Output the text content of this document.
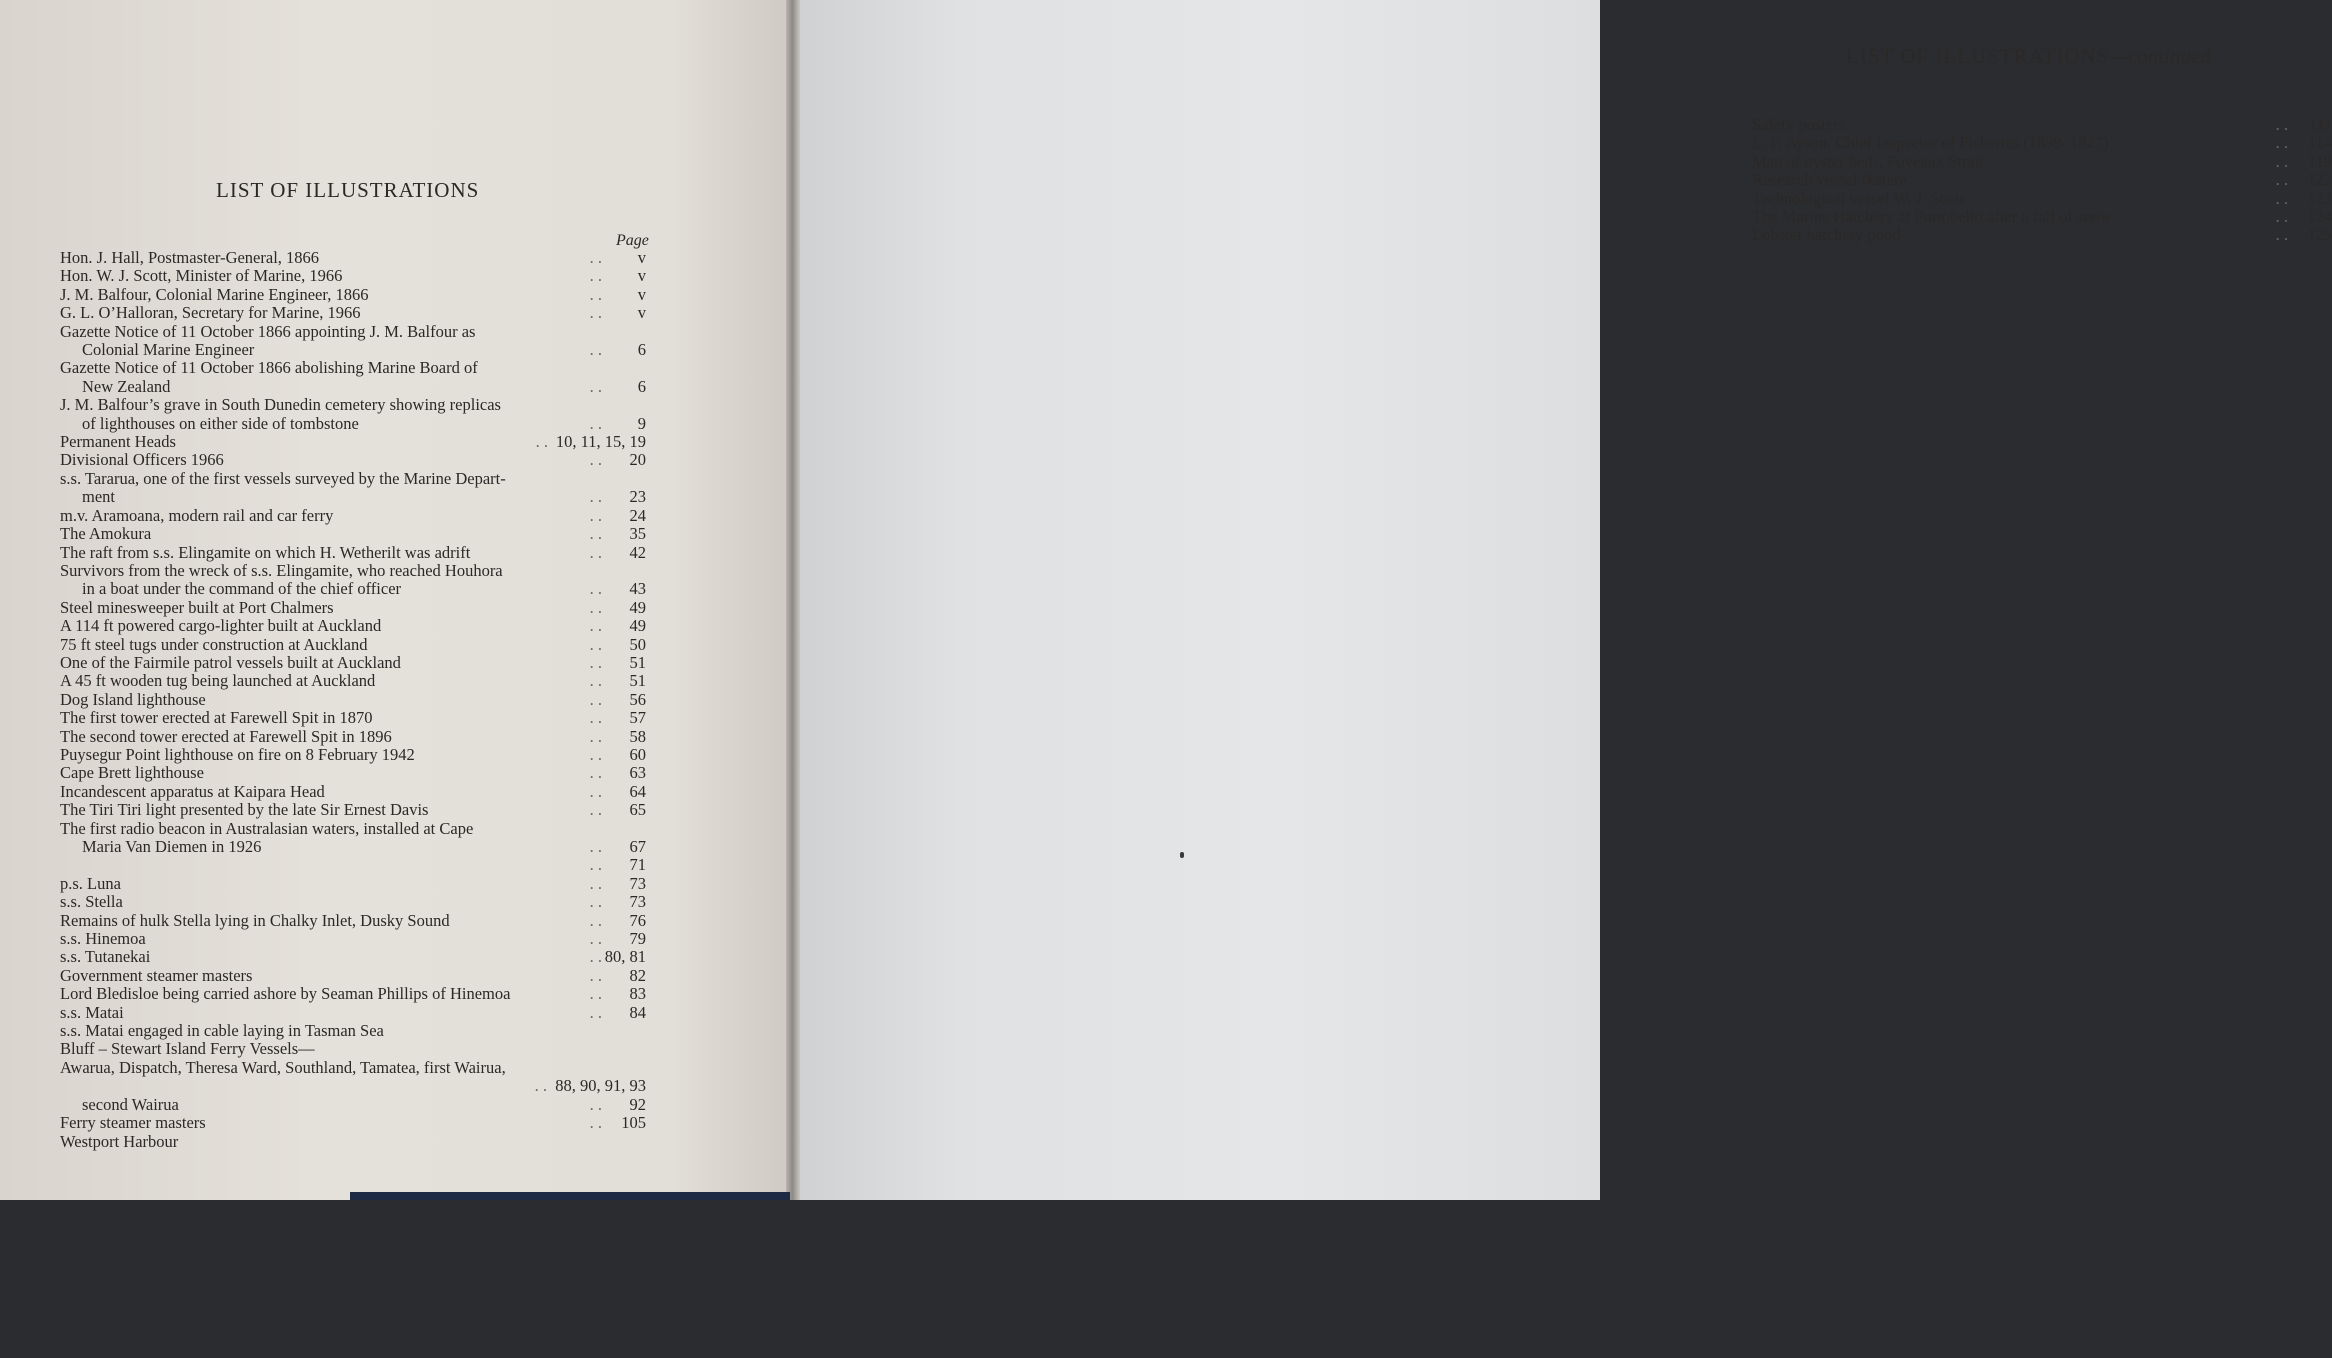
LIST OF ILLUSTRATIONS
Page
Hon. J. Hall, Postmaster-General, 1866	. . v
Hon. W. J. Scott, Minister of Marine, 1966	. . v
J. M. Balfour, Colonial Marine Engineer, 1866	. . v
G. L. O’Halloran, Secretary for Marine, 1966	. . v
Gazette Notice of 11 October 1866 appointing J. M. Balfour as
Colonial Marine Engineer	. . 6
Gazette Notice of 11 October 1866 abolishing Marine Board of
New Zealand	. . 6
J. M. Balfour’s grave in South Dunedin cemetery showing replicas
of lighthouses on either side of tombstone	. . 9
Permanent Heads	. . 10, 11, 15, 19
Divisional Officers 1966	. . 20
s.s. Tararua, one of the first vessels surveyed by the Marine Depart-
ment	. . 23
m.v. Aramoana, modern rail and car ferry	. . 24
The Amokura	. . 35
The raft from s.s. Elingamite on which H. Wetherilt was adrift	. . 42
Survivors from the wreck of s.s. Elingamite, who reached Houhora
in a boat under the command of the chief officer	. . 43
Steel minesweeper built at Port Chalmers	. . 49
A 114 ft powered cargo-lighter built at Auckland	. . 49
75 ft steel tugs under construction at Auckland	. . 50
One of the Fairmile patrol vessels built at Auckland	. . 51
A 45 ft wooden tug being launched at Auckland	. . 51
Dog Island lighthouse	. . 56
The first tower erected at Farewell Spit in 1870	. . 57
The second tower erected at Farewell Spit in 1896	. . 58
Puysegur Point lighthouse on fire on 8 February 1942	. . 60
Cape Brett lighthouse	. . 63
Incandescent apparatus at Kaipara Head	. . 64
The Tiri Tiri light presented by the late Sir Ernest Davis	. . 65
The first radio beacon in Australasian waters, installed at Cape
Maria Van Diemen in 1926	. . 67
. . 71
p.s. Luna	. . 73
s.s. Stella	. . 73
Remains of hulk Stella lying in Chalky Inlet, Dusky Sound	. . 76
s.s. Hinemoa	. . 79
s.s. Tutanekai	. . 80, 81
Government steamer masters	. . 82
Lord Bledisloe being carried ashore by Seaman Phillips of Hinemoa	. . 83
s.s. Matai	. . 84
s.s. Matai engaged in cable laying in Tasman Sea
Bluff – Stewart Island Ferry Vessels—
Awarua, Dispatch, Theresa Ward, Southland, Tamatea, first Wairua,
. . 88, 90, 91, 93
second Wairua	. . 92
Ferry steamer masters	. . 105
Westport Harbour
LIST OF ILLUSTRATIONS—continued
Safety posters	. . 111
L. F. Ayson, Chief Inspector of Fisheries (1899–1927)	. . 114
Map of oyster beds, Foveaux Strait	. . 119
Research vessel Ikatere	. . 122
Technological vessel W. J. Scott	. . 123
The Marine Hatchery at Portobello after a fall of snow	. . 124
Lobster hatchery pond	. . 125
